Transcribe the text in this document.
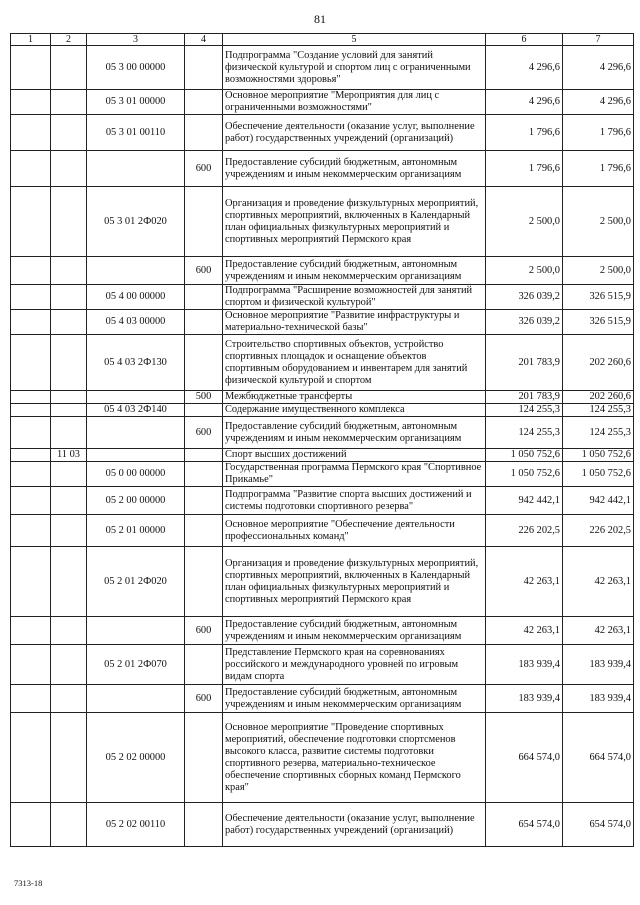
81
1	2	3	4	5	6	7
		05 3 00 00000		Подпрограмма "Создание условий для занятий физической культурой и спортом лиц с ограниченными возможностями здоровья"	4 296,6	4 296,6
		05 3 01 00000		Основное мероприятие "Мероприятия для лиц с ограниченными возможностями"	4 296,6	4 296,6
		05 3 01 00110		Обеспечение деятельности (оказание услуг, выполнение работ) государственных учреждений (организаций)	1 796,6	1 796,6
			600	Предоставление субсидий бюджетным, автономным учреждениям и иным некоммерческим организациям	1 796,6	1 796,6
		05 3 01 2Ф020		Организация и проведение физкультурных мероприятий, спортивных мероприятий, включенных в Календарный план официальных физкультурных мероприятий и спортивных мероприятий Пермского края	2 500,0	2 500,0
			600	Предоставление субсидий бюджетным, автономным учреждениям и иным некоммерческим организациям	2 500,0	2 500,0
		05 4 00 00000		Подпрограмма "Расширение возможностей для занятий спортом и физической культурой"	326 039,2	326 515,9
		05 4 03 00000		Основное мероприятие "Развитие инфраструктуры и материально-технической базы"	326 039,2	326 515,9
		05 4 03 2Ф130		Строительство спортивных объектов, устройство спортивных площадок и оснащение объектов спортивным оборудованием и инвентарем для занятий физической культурой и спортом	201 783,9	202 260,6
			500	Межбюджетные трансферты	201 783,9	202 260,6
		05 4 03 2Ф140		Содержание имущественного комплекса	124 255,3	124 255,3
			600	Предоставление субсидий бюджетным, автономным учреждениям и иным некоммерческим организациям	124 255,3	124 255,3
	11 03			Спорт высших достижений	1 050 752,6	1 050 752,6
		05 0 00 00000		Государственная программа Пермского края "Спортивное Прикамье"	1 050 752,6	1 050 752,6
		05 2 00 00000		Подпрограмма "Развитие спорта высших достижений и системы подготовки спортивного резерва"	942 442,1	942 442,1
		05 2 01 00000		Основное мероприятие "Обеспечение деятельности профессиональных команд"	226 202,5	226 202,5
		05 2 01 2Ф020		Организация и проведение физкультурных мероприятий, спортивных мероприятий, включенных в Календарный план официальных физкультурных мероприятий и спортивных мероприятий Пермского края	42 263,1	42 263,1
			600	Предоставление субсидий бюджетным, автономным учреждениям и иным некоммерческим организациям	42 263,1	42 263,1
		05 2 01 2Ф070		Представление Пермского края на соревнованиях российского и международного уровней по игровым видам спорта	183 939,4	183 939,4
			600	Предоставление субсидий бюджетным, автономным учреждениям и иным некоммерческим организациям	183 939,4	183 939,4
		05 2 02 00000		Основное мероприятие "Проведение спортивных мероприятий, обеспечение подготовки спортсменов высокого класса, развитие системы подготовки спортивного резерва, материально-техническое обеспечение спортивных сборных команд Пермского края"	664 574,0	664 574,0
		05 2 02 00110		Обеспечение деятельности (оказание услуг, выполнение работ) государственных учреждений (организаций)	654 574,0	654 574,0
7313-18
